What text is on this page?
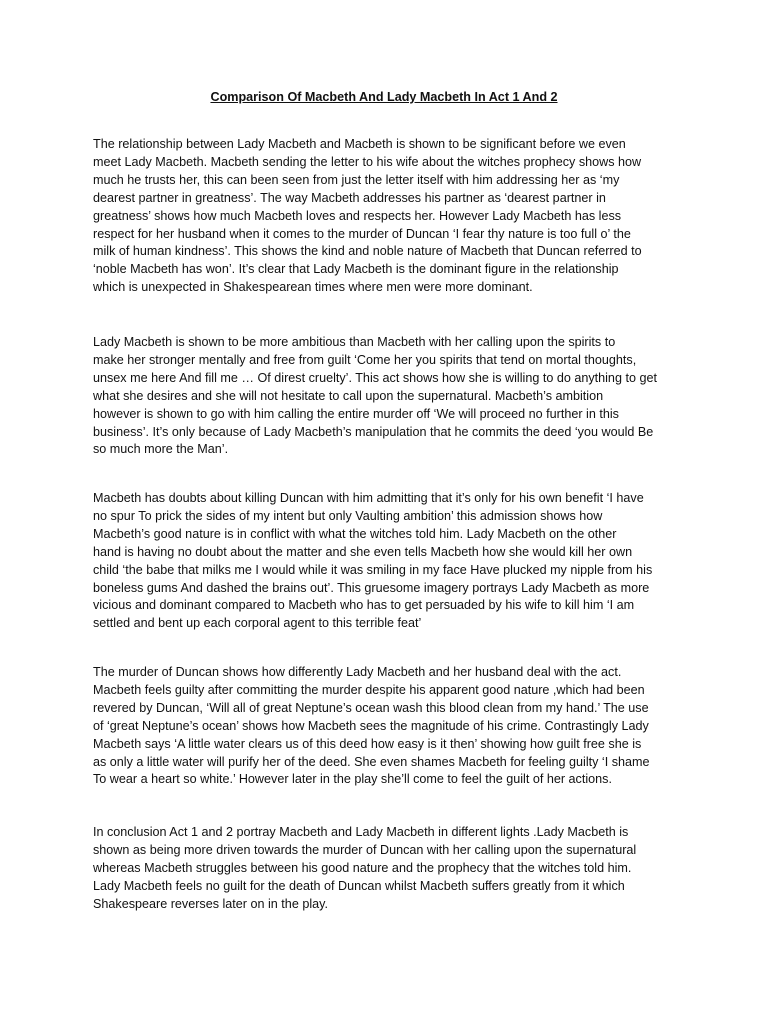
Comparison Of Macbeth And Lady Macbeth In Act 1 And 2
The relationship between Lady Macbeth and Macbeth is shown to be significant before we even
meet Lady Macbeth. Macbeth sending the letter to his wife about the witches prophecy shows how
much he trusts her, this can been seen from just the letter itself with him addressing her as ‘my
dearest partner in greatness’. The way Macbeth addresses his partner as ‘dearest partner in
greatness’ shows how much Macbeth loves and respects her. However Lady Macbeth has less
respect for her husband when it comes to the murder of Duncan ‘I fear thy nature is too full o’ the
milk of human kindness’. This shows the kind and noble nature of Macbeth that Duncan referred to
‘noble Macbeth has won’. It’s clear that Lady Macbeth is the dominant figure in the relationship
which is unexpected in Shakespearean times where men were more dominant.
Lady Macbeth is shown to be more ambitious than Macbeth with her calling upon the spirits to
make her stronger mentally and free from guilt ‘Come her you spirits that tend on mortal thoughts,
unsex me here And fill me … Of direst cruelty’. This act shows how she is willing to do anything to get
what she desires and she will not hesitate to call upon the supernatural. Macbeth’s ambition
however is shown to go with him calling the entire murder off ‘We will proceed no further in this
business’. It’s only because of Lady Macbeth’s manipulation that he commits the deed ‘you would Be
so much more the Man’.
Macbeth has doubts about killing Duncan with him admitting that it’s only for his own benefit ‘I have
no spur To prick the sides of my intent but only Vaulting ambition’ this admission shows how
Macbeth’s good nature is in conflict with what the witches told him. Lady Macbeth on the other
hand is having no doubt about the matter and she even tells Macbeth how she would kill her own
child ‘the babe that milks me I would while it was smiling in my face Have plucked my nipple from his
boneless gums And dashed the brains out’. This gruesome imagery portrays Lady Macbeth as more
vicious and dominant compared to Macbeth who has to get persuaded by his wife to kill him ‘I am
settled and bent up each corporal agent to this terrible feat’
The murder of Duncan shows how differently Lady Macbeth and her husband deal with the act.
Macbeth feels guilty after committing the murder despite his apparent good nature ,which had been
revered by Duncan, ‘Will all of great Neptune’s ocean wash this blood clean from my hand.’ The use
of ‘great Neptune’s ocean’ shows how Macbeth sees the magnitude of his crime. Contrastingly Lady
Macbeth says ‘A little water clears us of this deed how easy is it then’ showing how guilt free she is
as only a little water will purify her of the deed. She even shames Macbeth for feeling guilty ‘I shame
To wear a heart so white.’ However later in the play she’ll come to feel the guilt of her actions.
In conclusion Act 1 and 2 portray Macbeth and Lady Macbeth in different lights .Lady Macbeth is
shown as being more driven towards the murder of Duncan with her calling upon the supernatural
whereas Macbeth struggles between his good nature and the prophecy that the witches told him.
Lady Macbeth feels no guilt for the death of Duncan whilst Macbeth suffers greatly from it which
Shakespeare reverses later on in the play.
